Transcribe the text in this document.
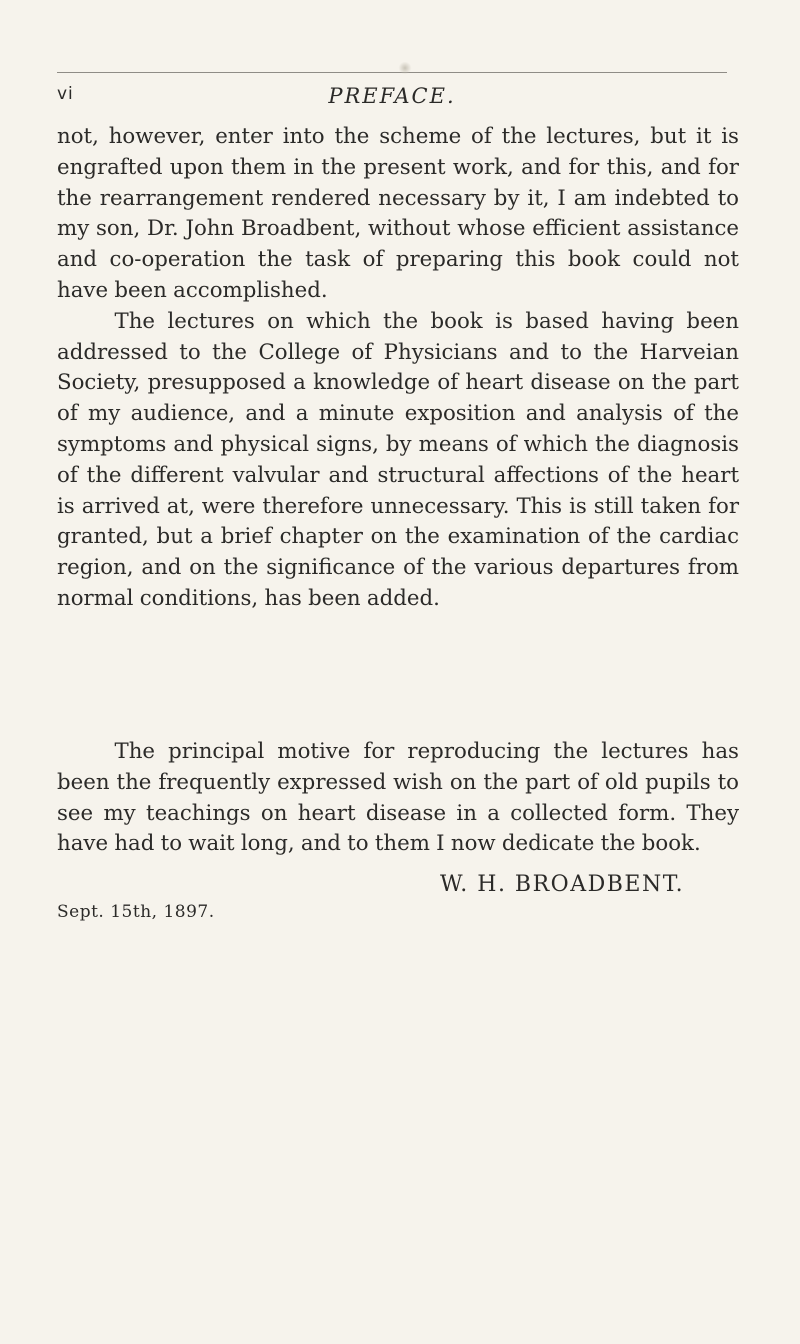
vi	PREFACE.

not, however, enter into the scheme of the lectures, but it is engrafted upon them in the present work, and for this, and for the rearrangement rendered necessary by it, I am indebted to my son, Dr. John Broadbent, without whose efficient assistance and co-operation the task of preparing this book could not have been accomplished.

The lectures on which the book is based having been addressed to the College of Physicians and to the Harveian Society, presupposed a knowledge of heart disease on the part of my audience, and a minute exposition and analysis of the symptoms and physical signs, by means of which the diagnosis of the different valvular and structural affections of the heart is arrived at, were therefore unnecessary. This is still taken for granted, but a brief chapter on the examination of the cardiac region, and on the significance of the various departures from normal conditions, has been added.

The principal motive for reproducing the lectures has been the frequently expressed wish on the part of old pupils to see my teachings on heart disease in a collected form. They have had to wait long, and to them I now dedicate the book.

W. H. BROADBENT.
Sept. 15th, 1897.
